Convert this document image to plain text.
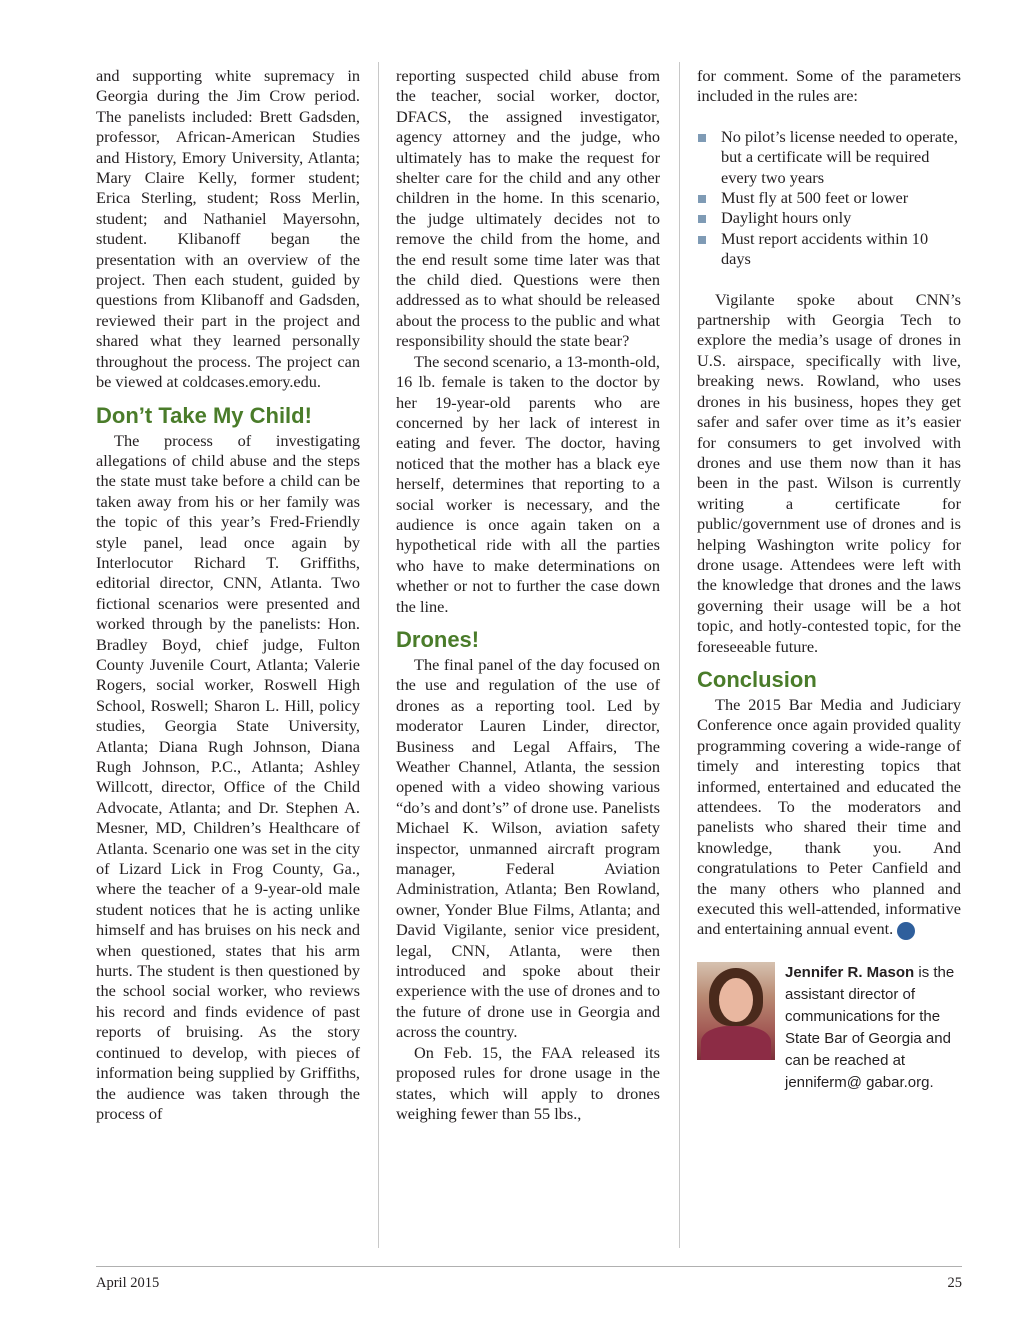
and supporting white supremacy in Georgia during the Jim Crow period. The panelists included: Brett Gadsden, professor, African-American Studies and History, Emory University, Atlanta; Mary Claire Kelly, former student; Erica Sterling, student; Ross Merlin, student; and Nathaniel Mayersohn, student. Klibanoff began the presentation with an overview of the project. Then each student, guided by questions from Klibanoff and Gadsden, reviewed their part in the project and shared what they learned personally throughout the process. The project can be viewed at coldcases.emory.edu.

Don’t Take My Child!

The process of investigating allegations of child abuse and the steps the state must take before a child can be taken away from his or her family was the topic of this year’s Fred-Friendly style panel, lead once again by Interlocutor Richard T. Griffiths, editorial director, CNN, Atlanta. Two fictional scenarios were presented and worked through by the panelists: Hon. Bradley Boyd, chief judge, Fulton County Juvenile Court, Atlanta; Valerie Rogers, social worker, Roswell High School, Roswell; Sharon L. Hill, policy studies, Georgia State University, Atlanta; Diana Rugh Johnson, Diana Rugh Johnson, P.C., Atlanta; Ashley Willcott, director, Office of the Child Advocate, Atlanta; and Dr. Stephen A. Mesner, MD, Children’s Healthcare of Atlanta. Scenario one was set in the city of Lizard Lick in Frog County, Ga., where the teacher of a 9-year-old male student notices that he is acting unlike himself and has bruises on his neck and when questioned, states that his arm hurts. The student is then questioned by the school social worker, who reviews his record and finds evidence of past reports of bruising. As the story continued to develop, with pieces of information being supplied by Griffiths, the audience was taken through the process of

reporting suspected child abuse from the teacher, social worker, doctor, DFACS, the assigned investigator, agency attorney and the judge, who ultimately has to make the request for shelter care for the child and any other children in the home. In this scenario, the judge ultimately decides not to remove the child from the home, and the end result some time later was that the child died. Questions were then addressed as to what should be released about the process to the public and what responsibility should the state bear?

The second scenario, a 13-month-old, 16 lb. female is taken to the doctor by her 19-year-old parents who are concerned by her lack of interest in eating and fever. The doctor, having noticed that the mother has a black eye herself, determines that reporting to a social worker is necessary, and the audience is once again taken on a hypothetical ride with all the parties who have to make determinations on whether or not to further the case down the line.

Drones!

The final panel of the day focused on the use and regulation of the use of drones as a reporting tool. Led by moderator Lauren Linder, director, Business and Legal Affairs, The Weather Channel, Atlanta, the session opened with a video showing various “do’s and dont’s” of drone use. Panelists Michael K. Wilson, aviation safety inspector, unmanned aircraft program manager, Federal Aviation Administration, Atlanta; Ben Rowland, owner, Yonder Blue Films, Atlanta; and David Vigilante, senior vice president, legal, CNN, Atlanta, were then introduced and spoke about their experience with the use of drones and to the future of drone use in Georgia and across the country.

On Feb. 15, the FAA released its proposed rules for drone usage in the states, which will apply to drones weighing fewer than 55 lbs.,

for comment. Some of the parameters included in the rules are:

No pilot’s license needed to operate, but a certificate will be required every two years
Must fly at 500 feet or lower
Daylight hours only
Must report accidents within 10 days

Vigilante spoke about CNN’s partnership with Georgia Tech to explore the media’s usage of drones in U.S. airspace, specifically with live, breaking news. Rowland, who uses drones in his business, hopes they get safer and safer over time as it’s easier for consumers to get involved with drones and use them now than it has been in the past. Wilson is currently writing a certificate for public/government use of drones and is helping Washington write policy for drone usage. Attendees were left with the knowledge that drones and the laws governing their usage will be a hot topic, and hotly-contested topic, for the foreseeable future.

Conclusion

The 2015 Bar Media and Judiciary Conference once again provided quality programming covering a wide-range of timely and interesting topics that informed, entertained and educated the attendees. To the moderators and panelists who shared their time and knowledge, thank you. And congratulations to Peter Canfield and the many others who planned and executed this well-attended, informative and entertaining annual event.	GBJ

Jennifer R. Mason is the assistant director of communications for the State Bar of Georgia and can be reached at jenniferm@ gabar.org.
April 2015	25
